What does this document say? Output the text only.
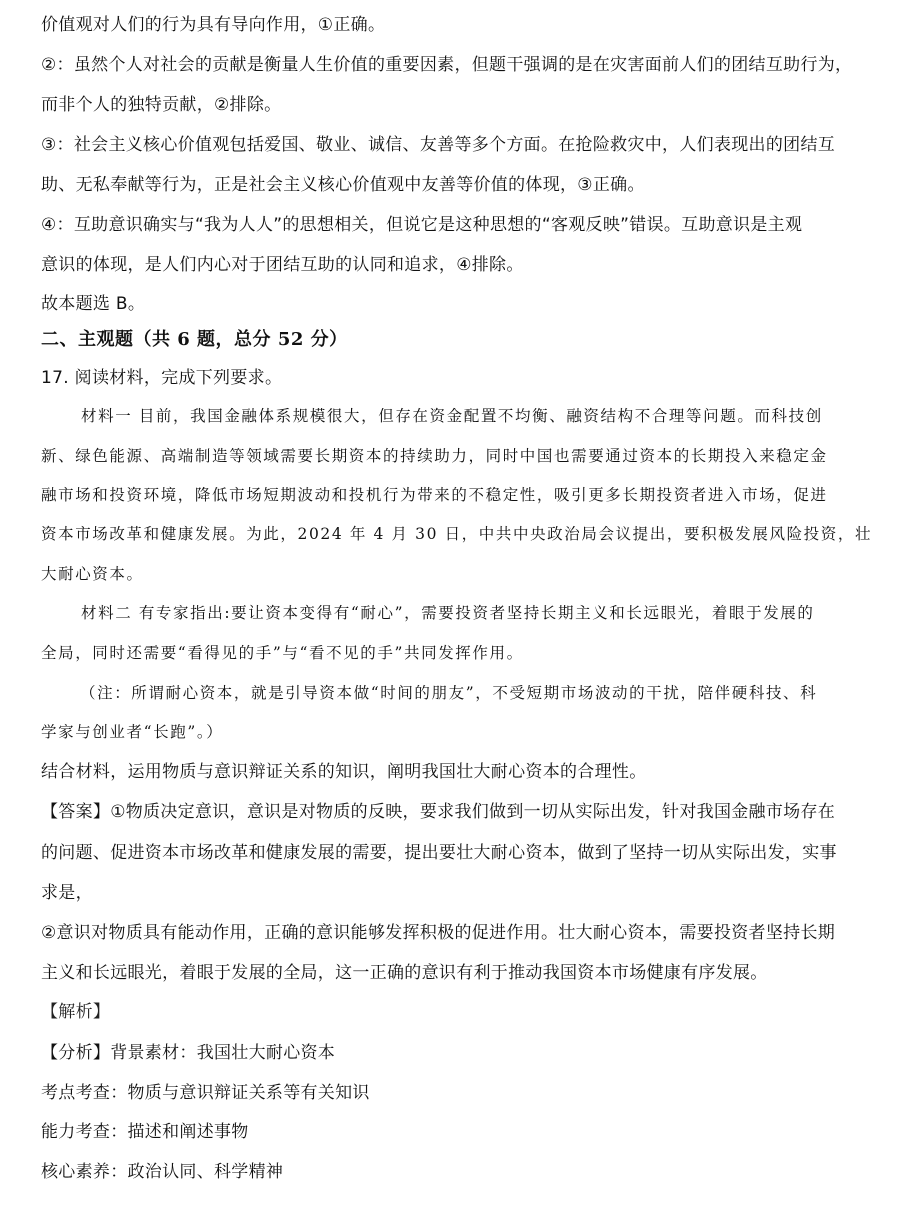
价值观对人们的行为具有导向作用，①正确。
②：虽然个人对社会的贡献是衡量人生价值的重要因素，但题干强调的是在灾害面前人们的团结互助行为，
而非个人的独特贡献，②排除。
③：社会主义核心价值观包括爱国、敬业、诚信、友善等多个方面。在抢险救灾中，人们表现出的团结互
助、无私奉献等行为，正是社会主义核心价值观中友善等价值的体现，③正确。
④：互助意识确实与“我为人人”的思想相关，但说它是这种思想的“客观反映”错误。互助意识是主观
意识的体现，是人们内心对于团结互助的认同和追求，④排除。
故本题选 B。
二、主观题（共 6 题，总分 52 分）
17. 阅读材料，完成下列要求。
材料一 目前，我国金融体系规模很大，但存在资金配置不均衡、融资结构不合理等问题。而科技创
新、绿色能源、高端制造等领域需要长期资本的持续助力，同时中国也需要通过资本的长期投入来稳定金
融市场和投资环境，降低市场短期波动和投机行为带来的不稳定性，吸引更多长期投资者进入市场，促进
资本市场改革和健康发展。为此，2024 年 4 月 30 日，中共中央政治局会议提出，要积极发展风险投资，壮
大耐心资本。
材料二 有专家指出:要让资本变得有“耐心”，需要投资者坚持长期主义和长远眼光，着眼于发展的
全局，同时还需要“看得见的手”与“看不见的手”共同发挥作用。
（注：所谓耐心资本，就是引导资本做“时间的朋友”，不受短期市场波动的干扰，陪伴硬科技、科
学家与创业者“长跑”。）
结合材料，运用物质与意识辩证关系的知识，阐明我国壮大耐心资本的合理性。
【答案】①物质决定意识，意识是对物质的反映，要求我们做到一切从实际出发，针对我国金融市场存在
的问题、促进资本市场改革和健康发展的需要，提出要壮大耐心资本，做到了坚持一切从实际出发，实事
求是，
②意识对物质具有能动作用，正确的意识能够发挥积极的促进作用。壮大耐心资本，需要投资者坚持长期
主义和长远眼光，着眼于发展的全局，这一正确的意识有利于推动我国资本市场健康有序发展。
【解析】
【分析】背景素材：我国壮大耐心资本
考点考查：物质与意识辩证关系等有关知识
能力考查：描述和阐述事物
核心素养：政治认同、科学精神
